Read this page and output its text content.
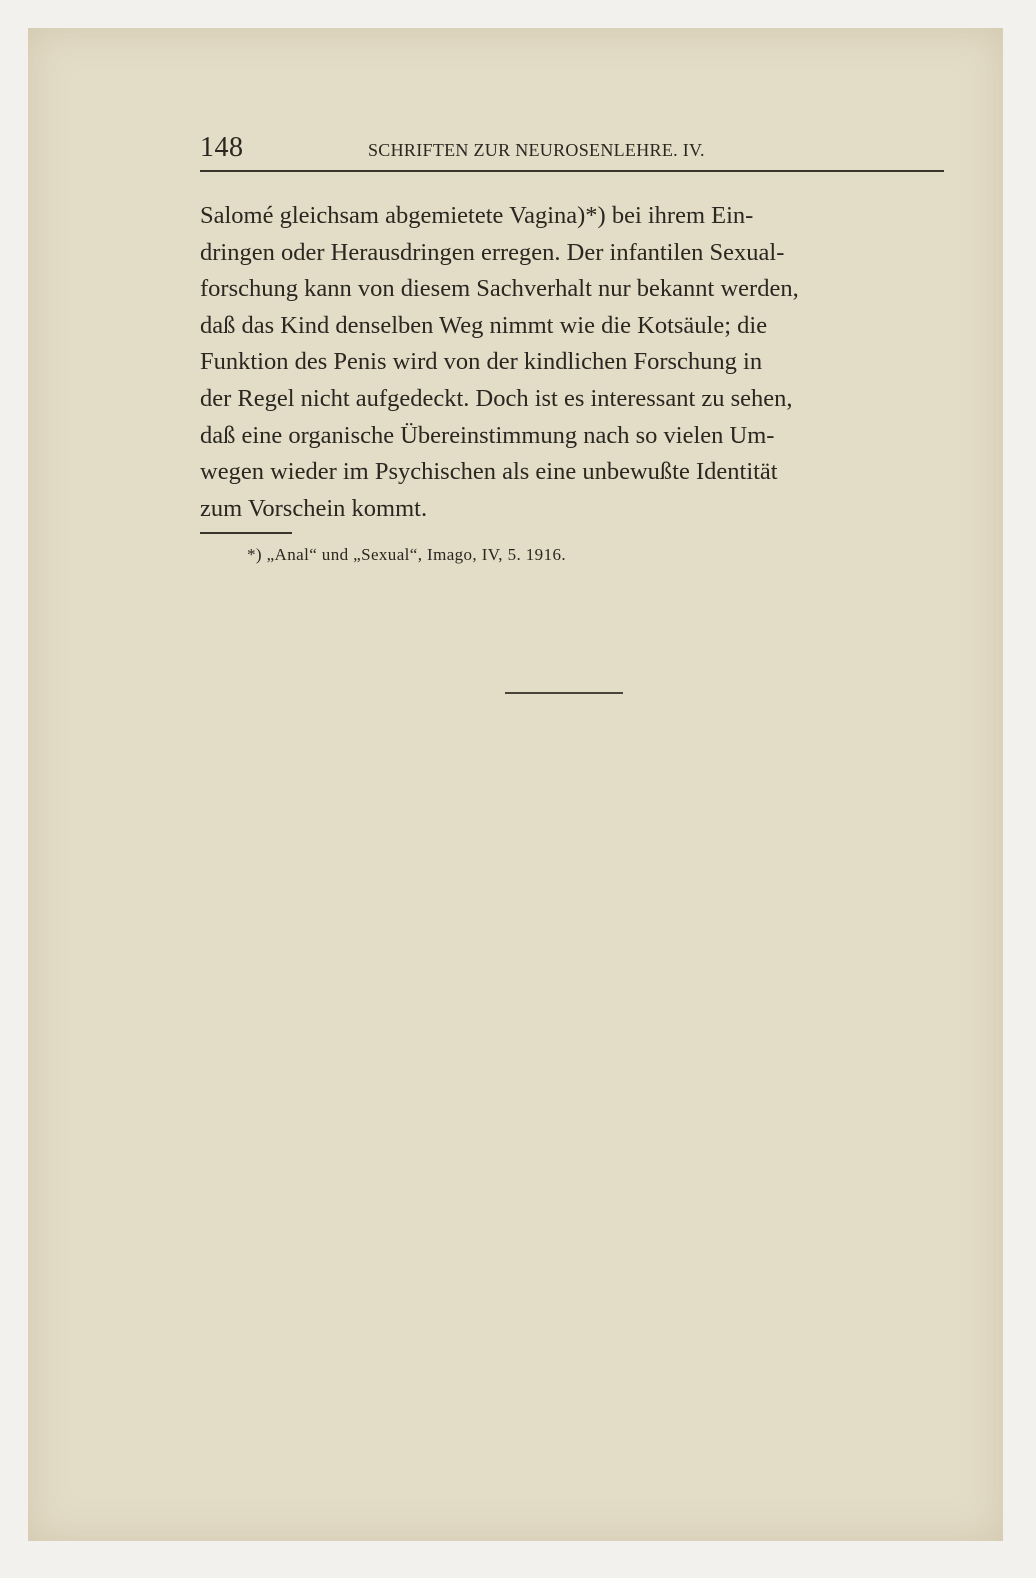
148	SCHRIFTEN ZUR NEUROSENLEHRE. IV.

Salomé gleichsam abgemietete Vagina)*) bei ihrem Ein-
dringen oder Herausdringen erregen. Der infantilen Sexual-
forschung kann von diesem Sachverhalt nur bekannt werden,
daß das Kind denselben Weg nimmt wie die Kotsäule; die
Funktion des Penis wird von der kindlichen Forschung in
der Regel nicht aufgedeckt. Doch ist es interessant zu sehen,
daß eine organische Übereinstimmung nach so vielen Um-
wegen wieder im Psychischen als eine unbewußte Identität
zum Vorschein kommt.

*) „Anal“ und „Sexual“, Imago, IV, 5. 1916.
